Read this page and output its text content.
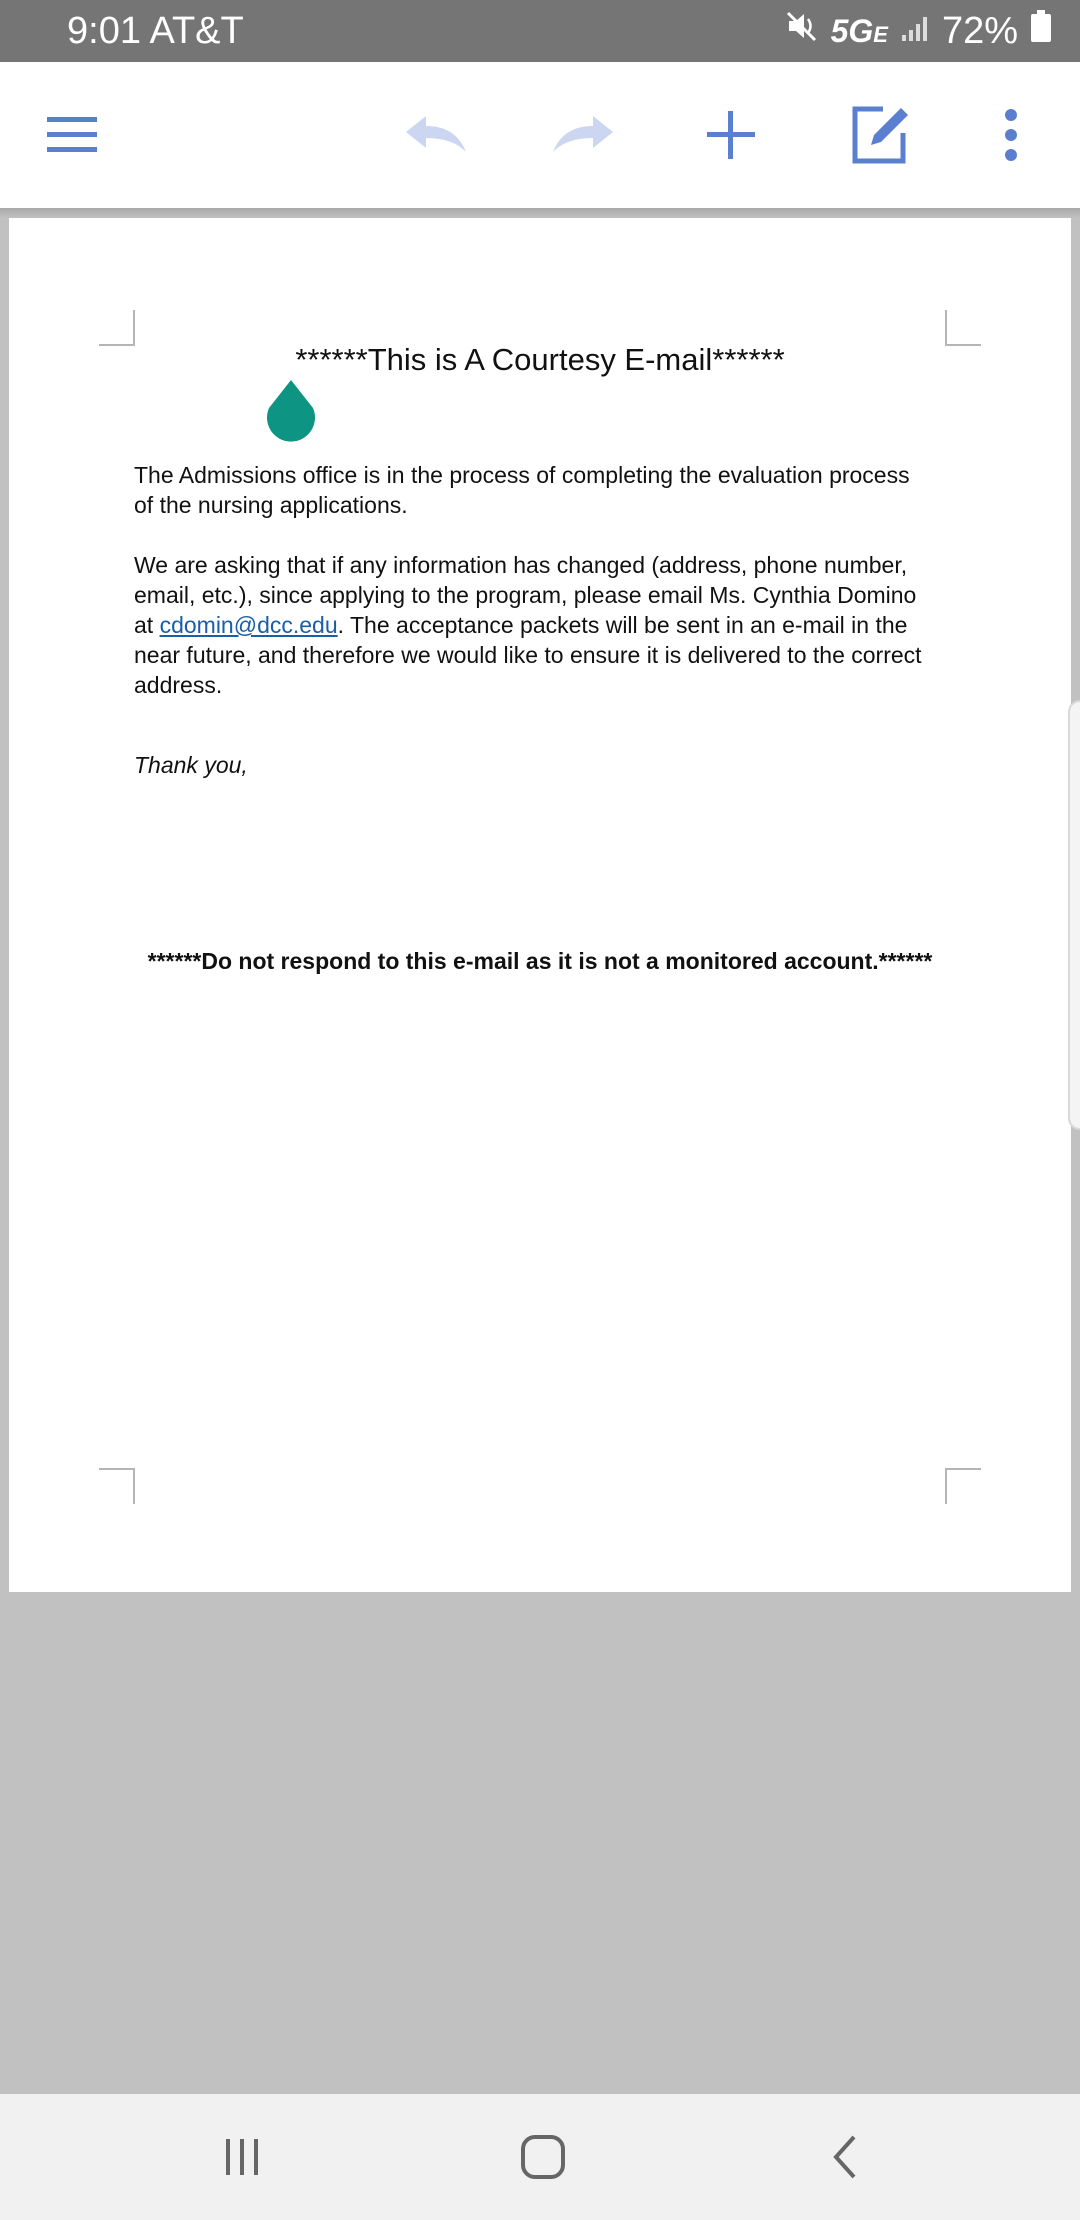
9:01 AT&T	5GE 72%
******This is A Courtesy E-mail******

The Admissions office is in the process of completing the evaluation process of the nursing applications.

We are asking that if any information has changed (address, phone number, email, etc.), since applying to the program, please email Ms. Cynthia Domino at cdomin@dcc.edu. The acceptance packets will be sent in an e-mail in the near future, and therefore we would like to ensure it is delivered to the correct address.

Thank you,
******Do not respond to this e-mail as it is not a monitored account.******
